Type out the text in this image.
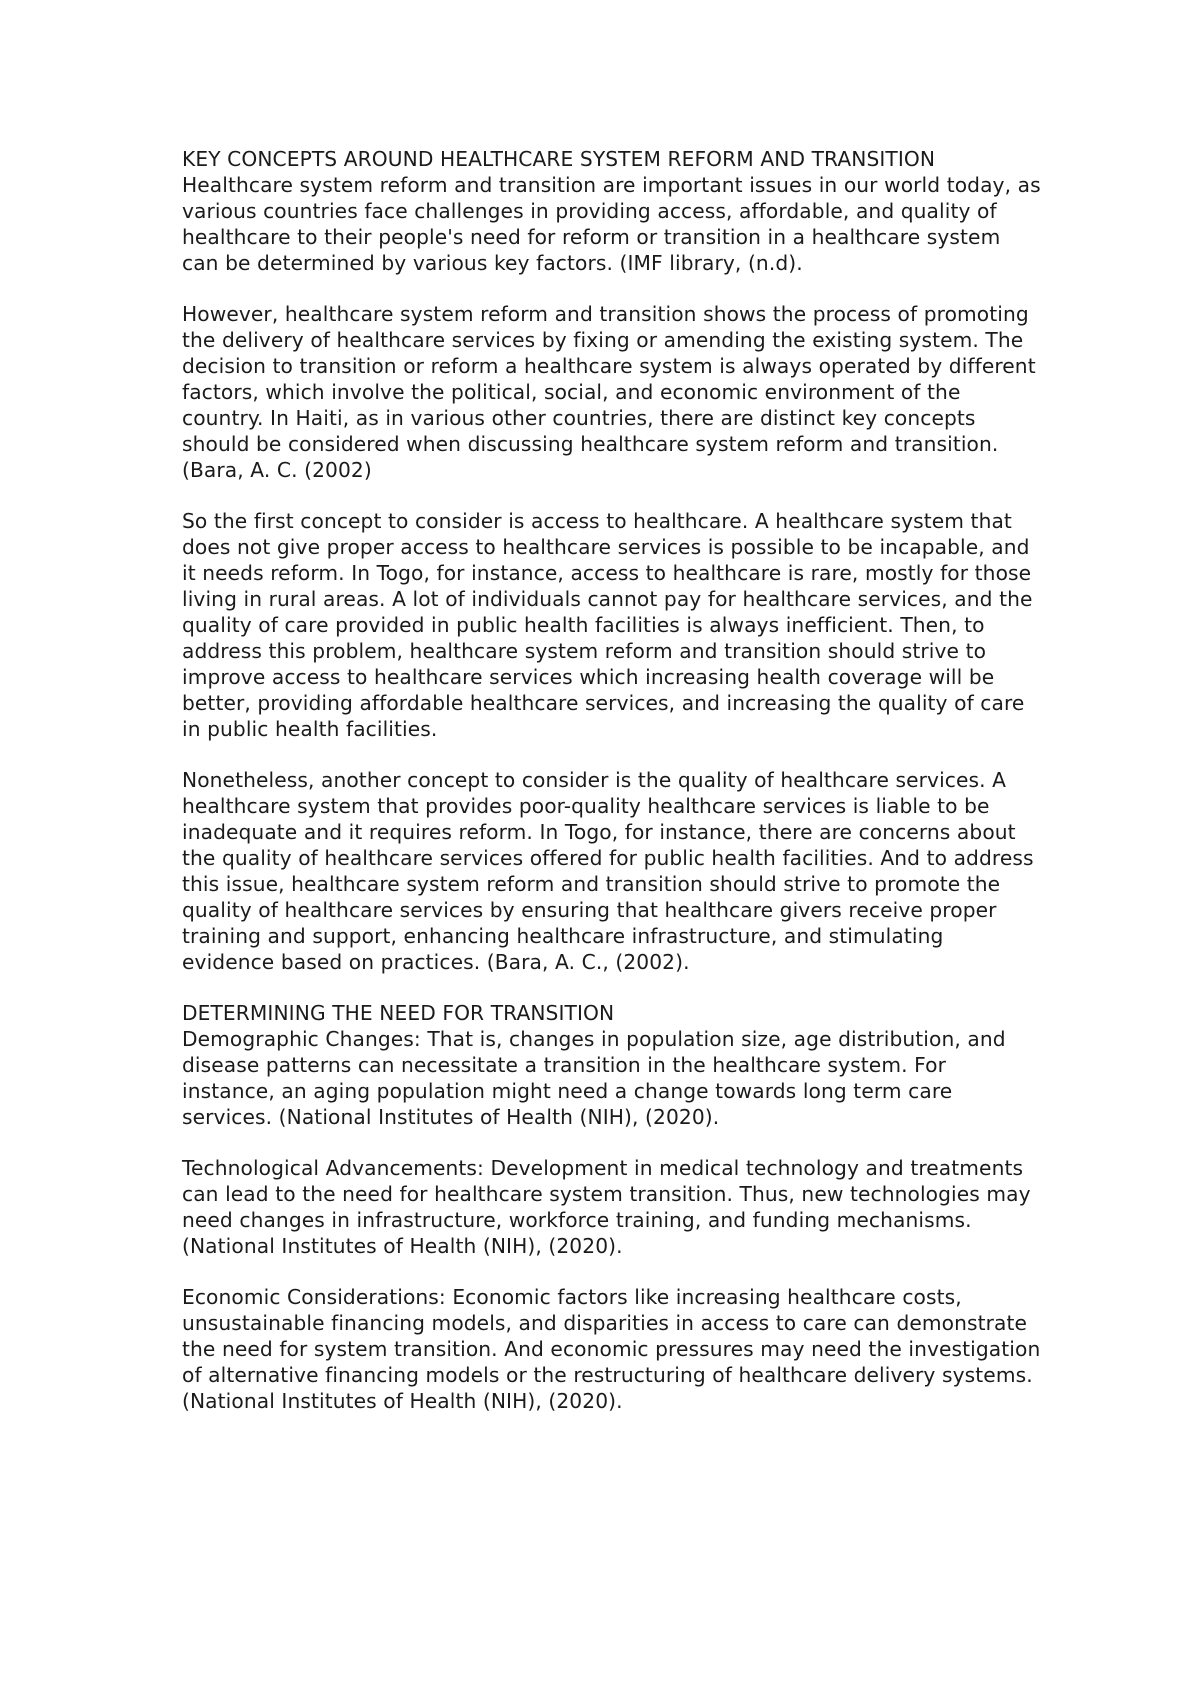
KEY CONCEPTS AROUND HEALTHCARE SYSTEM REFORM AND TRANSITION

Healthcare system reform and transition are important issues in our world today, as various countries face challenges in providing access, affordable, and quality of healthcare to their people's need for reform or transition in a healthcare system can be determined by various key factors. (IMF library, (n.d).

However, healthcare system reform and transition shows the process of promoting the delivery of healthcare services by fixing or amending the existing system. The decision to transition or reform a healthcare system is always operated by different factors, which involve the political, social, and economic environment of the country. In Haiti, as in various other countries, there are distinct key concepts should be considered when discussing healthcare system reform and transition. (Bara, A. C. (2002)

So the first concept to consider is access to healthcare. A healthcare system that does not give proper access to healthcare services is possible to be incapable, and it needs reform. In Togo, for instance, access to healthcare is rare, mostly for those living in rural areas. A lot of individuals cannot pay for healthcare services, and the quality of care provided in public health facilities is always inefficient. Then, to address this problem, healthcare system reform and transition should strive to improve access to healthcare services which increasing health coverage will be better, providing affordable healthcare services, and increasing the quality of care in public health facilities.

Nonetheless, another concept to consider is the quality of healthcare services. A healthcare system that provides poor-quality healthcare services is liable to be inadequate and it requires reform. In Togo, for instance, there are concerns about the quality of healthcare services offered for public health facilities. And to address this issue, healthcare system reform and transition should strive to promote the quality of healthcare services by ensuring that healthcare givers receive proper training and support, enhancing healthcare infrastructure, and stimulating evidence based on practices. (Bara, A. C., (2002).

DETERMINING THE NEED FOR TRANSITION

Demographic Changes: That is, changes in population size, age distribution, and disease patterns can necessitate a transition in the healthcare system. For instance, an aging population might need a change towards long term care services. (National Institutes of Health (NIH), (2020).

Technological Advancements: Development in medical technology and treatments can lead to the need for healthcare system transition. Thus, new technologies may need changes in infrastructure, workforce training, and funding mechanisms. (National Institutes of Health (NIH), (2020).

Economic Considerations: Economic factors like increasing healthcare costs, unsustainable financing models, and disparities in access to care can demonstrate the need for system transition. And economic pressures may need the investigation of alternative financing models or the restructuring of healthcare delivery systems. (National Institutes of Health (NIH), (2020).
